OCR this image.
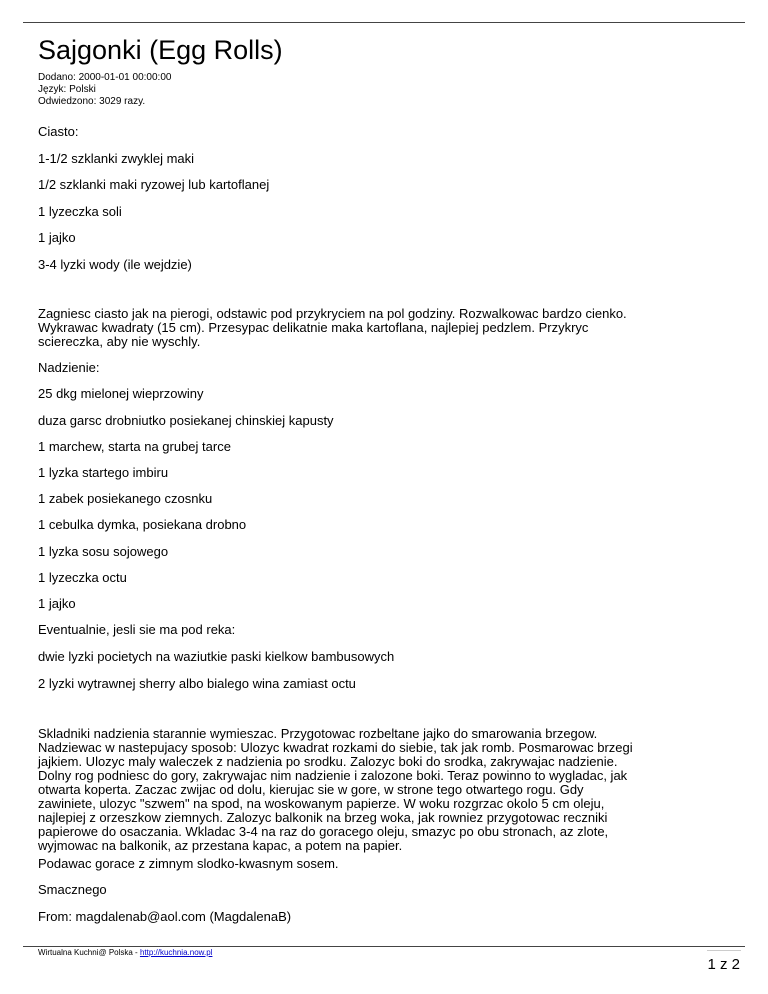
Sajgonki (Egg Rolls)
Dodano: 2000-01-01 00:00:00
Język: Polski
Odwiedzono: 3029 razy.
Ciasto:
1-1/2 szklanki zwyklej maki
1/2 szklanki maki ryzowej lub kartoflanej
1 lyzeczka soli
1 jajko
3-4 lyzki wody (ile wejdzie)
Zagniesc ciasto jak na pierogi, odstawic pod przykryciem na pol godziny. Rozwalkowac bardzo cienko.
Wykrawac kwadraty (15 cm). Przesypac delikatnie maka kartoflana, najlepiej pedzlem. Przykryc
sciereczka, aby nie wyschly.
Nadzienie:
25 dkg mielonej wieprzowiny
duza garsc drobniutko posiekanej chinskiej kapusty
1 marchew, starta na grubej tarce
1 lyzka startego imbiru
1 zabek posiekanego czosnku
1 cebulka dymka, posiekana drobno
1 lyzka sosu sojowego
1 lyzeczka octu
1 jajko
Eventualnie, jesli sie ma pod reka:
dwie lyzki pocietych na waziutkie paski kielkow bambusowych
2 lyzki wytrawnej sherry albo bialego wina zamiast octu
Skladniki nadzienia starannie wymieszac. Przygotowac rozbeltane jajko do smarowania brzegow.
Nadziewac w nastepujacy sposob: Ulozyc kwadrat rozkami do siebie, tak jak romb. Posmarowac brzegi
jajkiem. Ulozyc maly waleczek z nadzienia po srodku. Zalozyc boki do srodka, zakrywajac nadzienie.
Dolny rog podniesc do gory, zakrywajac nim nadzienie i zalozone boki. Teraz powinno to wygladac, jak
otwarta koperta. Zaczac zwijac od dolu, kierujac sie w gore, w strone tego otwartego rogu. Gdy
zawiniete, ulozyc "szwem" na spod, na woskowanym papierze. W woku rozgrzac okolo 5 cm oleju,
najlepiej z orzeszkow ziemnych. Zalozyc balkonik na brzeg woka, jak rowniez przygotowac reczniki
papierowe do osaczania. Wkladac 3-4 na raz do goracego oleju, smazyc po obu stronach, az zlote,
wyjmowac na balkonik, az przestana kapac, a potem na papier.
Podawac gorace z zimnym slodko-kwasnym sosem.
Smacznego
From: magdalenab@aol.com (MagdalenaB)
Wirtualna Kuchni@ Polska - http://kuchnia.now.pl
1 z 2
